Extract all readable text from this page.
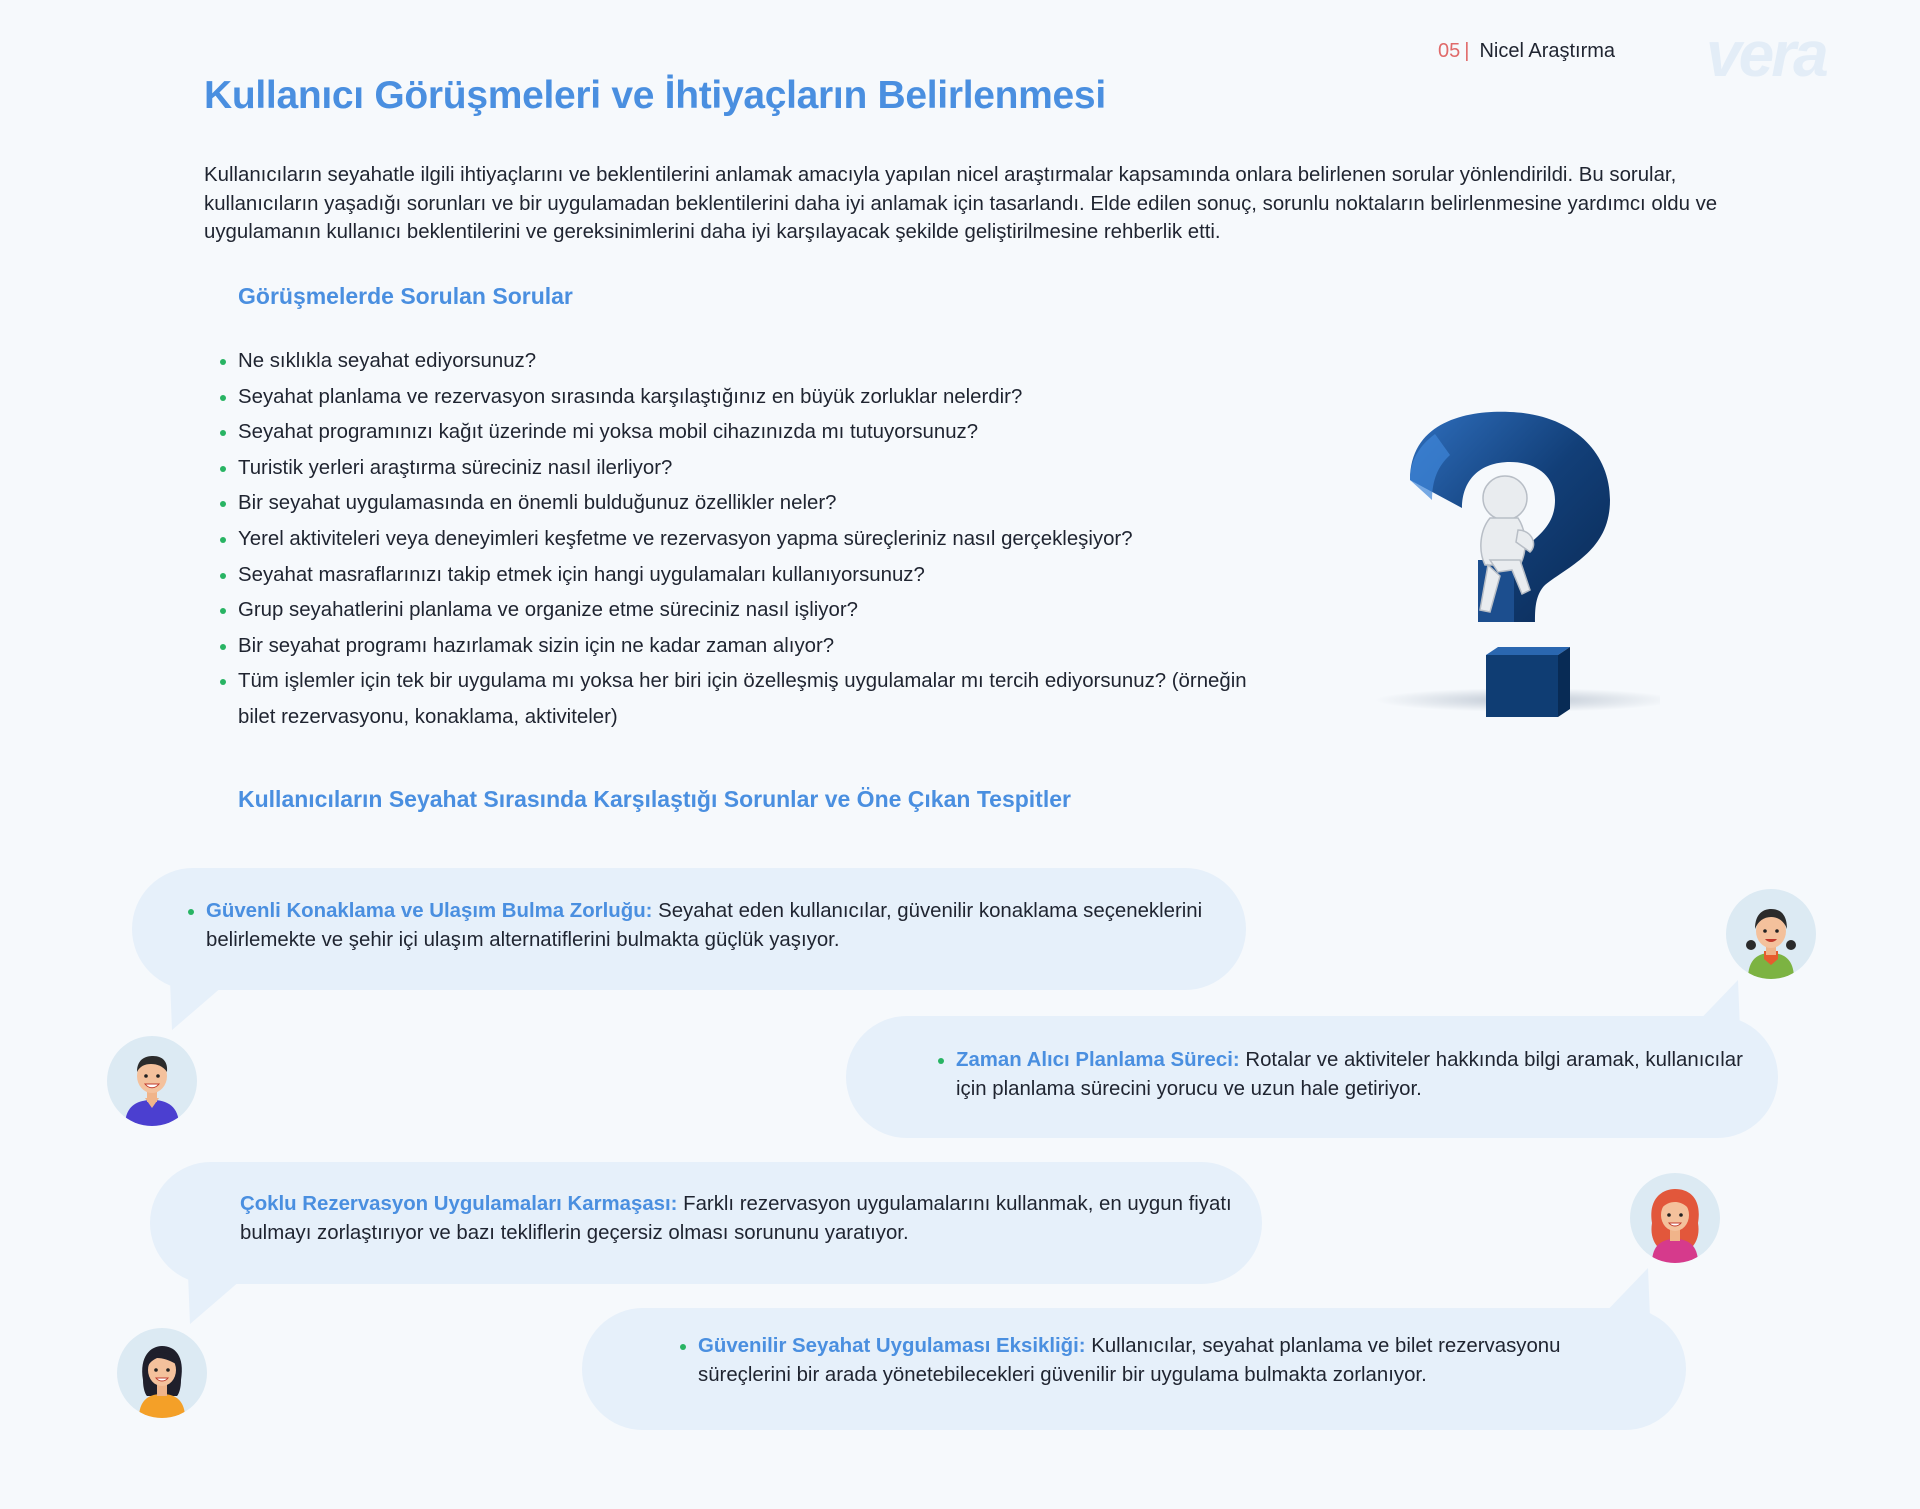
05 | Nicel Araştırma vera
Kullanıcı Görüşmeleri ve İhtiyaçların Belirlenmesi

Kullanıcıların seyahatle ilgili ihtiyaçlarını ve beklentilerini anlamak amacıyla yapılan nicel araştırmalar kapsamında onlara belirlenen sorular yönlendirildi. Bu sorular, kullanıcıların yaşadığı sorunları ve bir uygulamadan beklentilerini daha iyi anlamak için tasarlandı. Elde edilen sonuç, sorunlu noktaların belirlenmesine yardımcı oldu ve uygulamanın kullanıcı beklentilerini ve gereksinimlerini daha iyi karşılayacak şekilde geliştirilmesine rehberlik etti.

Görüşmelerde Sorulan Sorular
Ne sıklıkla seyahat ediyorsunuz?
Seyahat planlama ve rezervasyon sırasında karşılaştığınız en büyük zorluklar nelerdir?
Seyahat programınızı kağıt üzerinde mi yoksa mobil cihazınızda mı tutuyorsunuz?
Turistik yerleri araştırma süreciniz nasıl ilerliyor?
Bir seyahat uygulamasında en önemli bulduğunuz özellikler neler?
Yerel aktiviteleri veya deneyimleri keşfetme ve rezervasyon yapma süreçleriniz nasıl gerçekleşiyor?
Seyahat masraflarınızı takip etmek için hangi uygulamaları kullanıyorsunuz?
Grup seyahatlerini planlama ve organize etme süreciniz nasıl işliyor?
Bir seyahat programı hazırlamak sizin için ne kadar zaman alıyor?
Tüm işlemler için tek bir uygulama mı yoksa her biri için özelleşmiş uygulamalar mı tercih ediyorsunuz? (örneğin bilet rezervasyonu, konaklama, aktiviteler)
Kullanıcıların Seyahat Sırasında Karşılaştığı Sorunlar ve Öne Çıkan Tespitler
Güvenli Konaklama ve Ulaşım Bulma Zorluğu: Seyahat eden kullanıcılar, güvenilir konaklama seçeneklerini belirlemekte ve şehir içi ulaşım alternatiflerini bulmakta güçlük yaşıyor.
Zaman Alıcı Planlama Süreci: Rotalar ve aktiviteler hakkında bilgi aramak, kullanıcılar için planlama sürecini yorucu ve uzun hale getiriyor.
Çoklu Rezervasyon Uygulamaları Karmaşası: Farklı rezervasyon uygulamalarını kullanmak, en uygun fiyatı bulmayı zorlaştırıyor ve bazı tekliflerin geçersiz olması sorununu yaratıyor.
Güvenilir Seyahat Uygulaması Eksikliği: Kullanıcılar, seyahat planlama ve bilet rezervasyonu süreçlerini bir arada yönetebilecekleri güvenilir bir uygulama bulmakta zorlanıyor.
